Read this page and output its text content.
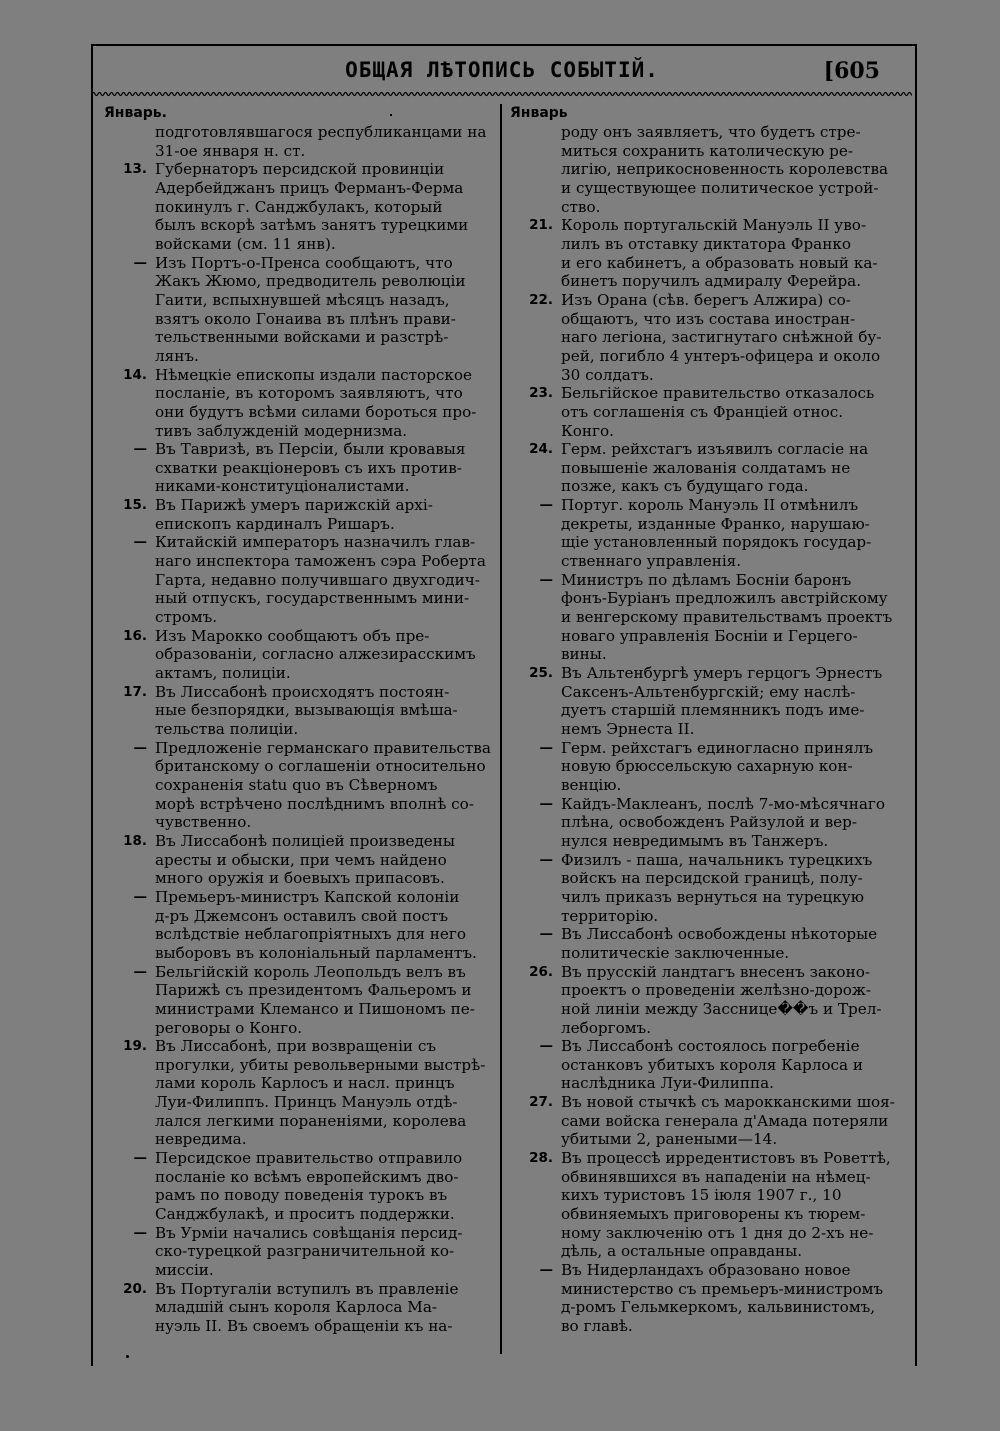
ОБЩАЯ ЛѢТОПИСЬ СОБЫТІЙ.	[605
Январь.
подготовлявшагося республиканцами на
31-ое января н. ст.
13. Губернаторъ персидской провинціи
Адербейджанъ прицъ Ферманъ-Ферма
покинулъ г. Санджбулакъ, который
былъ вскорѣ затѣмъ занятъ турецкими
войсками (см. 11 янв).
— Изъ Портъ-о-Пренса сообщаютъ, что
Жакъ Жюмо, предводитель революціи
Гаити, вспыхнувшей мѣсяцъ назадъ,
взятъ около Гонаива въ плѣнъ прави-
тельственными войсками и разстрѣ-
лянъ.
14. Нѣмецкіе епископы издали пасторское
посланіе, въ которомъ заявляютъ, что
они будутъ всѣми силами бороться про-
тивъ заблужденій модернизма.
— Въ Тавризѣ, въ Персіи, были кровавыя
схватки реакціонеровъ съ ихъ против-
никами-конституціоналистами.
15. Въ Парижѣ умеръ парижскій архі-
епископъ кардиналъ Ришаръ.
— Китайскій императоръ назначилъ глав-
наго инспектора таможенъ сэра Роберта
Гарта, недавно получившаго двухгодич-
ный отпускъ, государственнымъ мини-
стромъ.
16. Изъ Марокко сообщаютъ объ пре-
образованіи, согласно алжезирасскимъ
актамъ, полиціи.
17. Въ Лиссабонѣ происходятъ постоян-
ные безпорядки, вызывающія вмѣша-
тельства полиціи.
— Предложеніе германскаго правительства
британскому о соглашеніи относительно
сохраненія statu quo въ Сѣверномъ
морѣ встрѣчено послѣднимъ вполнѣ со-
чувственно.
18. Въ Лиссабонѣ полиціей произведены
аресты и обыски, при чемъ найдено
много оружія и боевыхъ припасовъ.
— Премьеръ-министръ Капской колоніи
д-ръ Джемсонъ оставилъ свой постъ
вслѣдствіе неблагопріятныхъ для него
выборовъ въ колоніальный парламентъ.
— Бельгійскій король Леопольдъ велъ въ
Парижѣ съ президентомъ Фальеромъ и
министрами Клемансо и Пишономъ пе-
реговоры о Конго.
19. Въ Лиссабонѣ, при возвращеніи съ
прогулки, убиты револьверными выстрѣ-
лами король Карлосъ и насл. принцъ
Луи-Филиппъ. Принцъ Мануэль отдѣ-
лался легкими пораненіями, королева
невредима.
— Персидское правительство отправило
посланіе ко всѣмъ европейскимъ дво-
рамъ по поводу поведенія турокъ въ
Санджбулакѣ, и проситъ поддержки.
— Въ Урміи начались совѣщанія персид-
ско-турецкой разграничительной ко-
миссіи.
20. Въ Португаліи вступилъ въ правленіе
младшій сынъ короля Карлоса Ма-
нуэль II. Въ своемъ обращеніи къ на-
Январь
роду онъ заявляетъ, что будетъ стре-
миться сохранить католическую ре-
лигію, неприкосновенность королевства
и существующее политическое устрой-
ство.
21. Король португальскій Мануэль II уво-
лилъ въ отставку диктатора Франко
и его кабинетъ, а образовать новый ка-
бинетъ поручилъ адмиралу Ферейра.
22. Изъ Орана (сѣв. берегъ Алжира) со-
общаютъ, что изъ состава иностран-
наго легіона, застигнутаго снѣжной бу-
рей, погибло 4 унтеръ-офицера и около
30 солдатъ.
23. Бельгійское правительство отказалось
отъ соглашенія съ Франціей относ.
Конго.
24. Герм. рейхстагъ изъявилъ согласіе на
повышеніе жалованія солдатамъ не
позже, какъ съ будущаго года.
— Португ. король Мануэль II отмѣнилъ
декреты, изданные Франко, нарушаю-
щіе установленный порядокъ государ-
ственнаго управленія.
— Министръ по дѣламъ Босніи баронъ
фонъ-Буріанъ предложилъ австрійскому
и венгерскому правительствамъ проектъ
новаго управленія Босніи и Герцего-
вины.
25. Въ Альтенбургѣ умеръ герцогъ Эрнестъ
Саксенъ-Альтенбургскій; ему наслѣ-
дуетъ старшій племянникъ подъ име-
немъ Эрнеста II.
— Герм. рейхстагъ единогласно принялъ
новую брюссельскую сахарную кон-
венцію.
— Кайдъ-Маклеанъ, послѣ 7-мо-мѣсячнаго
плѣна, освобожденъ Райзулой и вер-
нулся невредимымъ въ Танжеръ.
— Физилъ - паша, начальникъ турецкихъ
войскъ на персидской границѣ, полу-
чилъ приказъ вернуться на турецкую
территорію.
— Въ Лиссабонѣ освобождены нѣкоторые
политическіе заключенные.
26. Въ прусскій ландтагъ внесенъ законо-
проектъ о проведеніи желѣзно-дорож-
ной линіи между Засснице��ъ и Трел-
леборгомъ.
— Въ Лиссабонѣ состоялось погребеніе
останковъ убитыхъ короля Карлоса и
наслѣдника Луи-Филиппа.
27. Въ новой стычкѣ съ марокканскими шоя-
сами войска генерала д'Амада потеряли
убитыми 2, ранеными—14.
28. Въ процессѣ ирредентистовъ въ Роветтѣ,
обвинявшихся въ нападеніи на нѣмец-
кихъ туристовъ 15 іюля 1907 г., 10
обвиняемыхъ приговорены къ тюрем-
ному заключенію отъ 1 дня до 2-хъ не-
дѣль, а остальные оправданы.
— Въ Нидерландахъ образовано новое
министерство съ премьеръ-министромъ
д-ромъ Гельмкеркомъ, кальвинистомъ,
во главѣ.
